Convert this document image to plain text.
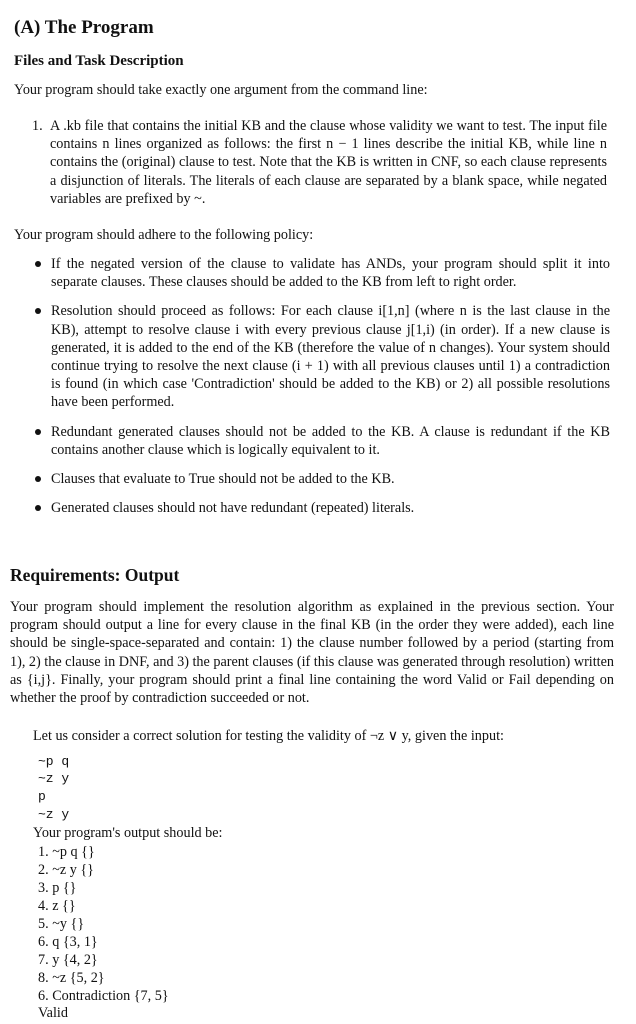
(A) The Program
Files and Task Description

Your program should take exactly one argument from the command line:

1. A .kb file that contains the initial KB and the clause whose validity we want to test. The input file contains n lines organized as follows: the first n − 1 lines describe the initial KB, while line n contains the (original) clause to test. Note that the KB is written in CNF, so each clause represents a disjunction of literals. The literals of each clause are separated by a blank space, while negated variables are prefixed by ~.

Your program should adhere to the following policy:

If the negated version of the clause to validate has ANDs, your program should split it into separate clauses. These clauses should be added to the KB from left to right order.
Resolution should proceed as follows: For each clause i[1,n] (where n is the last clause in the KB), attempt to resolve clause i with every previous clause j[1,i) (in order). If a new clause is generated, it is added to the end of the KB (therefore the value of n changes). Your system should continue trying to resolve the next clause (i + 1) with all previous clauses until 1) a contradiction is found (in which case 'Contradiction' should be added to the KB) or 2) all possible resolutions have been performed.
Redundant generated clauses should not be added to the KB. A clause is redundant if the KB contains another clause which is logically equivalent to it.
Clauses that evaluate to True should not be added to the KB.
Generated clauses should not have redundant (repeated) literals.
Requirements: Output

Your program should implement the resolution algorithm as explained in the previous section. Your program should output a line for every clause in the final KB (in the order they were added), each line should be single-space-separated and contain: 1) the clause number followed by a period (starting from 1), 2) the clause in DNF, and 3) the parent clauses (if this clause was generated through resolution) written as {i,j}. Finally, your program should print a final line containing the word Valid or Fail depending on whether the proof by contradiction succeeded or not.

Let us consider a correct solution for testing the validity of ¬z ∨ y, given the input:

~p q
~z y
p
~z y

Your program's output should be:

1. ~p q {}
2. ~z y {}
3. p {}
4. z {}
5. ~y {}
6. q {3, 1}
7. y {4, 2}
8. ~z {5, 2}
6. Contradiction {7, 5}
Valid
